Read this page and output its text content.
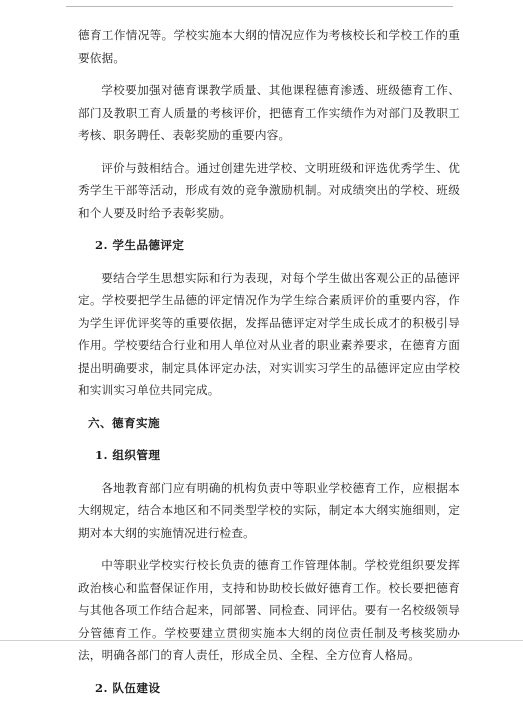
德育工作情况等。学校实施本大纲的情况应作为考核校长和学校工作的重要依据。

学校要加强对德育课教学质量、其他课程德育渗透、班级德育工作、部门及教职工育人质量的考核评价，把德育工作实绩作为对部门及教职工考核、职务聘任、表彰奖励的重要内容。

评价与鼓相结合。通过创建先进学校、文明班级和评选优秀学生、优秀学生干部等活动，形成有效的竞争激励机制。对成绩突出的学校、班级和个人要及时给予表彰奖励。

2. 学生品德评定

要结合学生思想实际和行为表现，对每个学生做出客观公正的品德评定。学校要把学生品德的评定情况作为学生综合素质评价的重要内容，作为学生评优评奖等的重要依据，发挥品德评定对学生成长成才的积极引导作用。学校要结合行业和用人单位对从业者的职业素养要求，在德育方面提出明确要求，制定具体评定办法，对实训实习学生的品德评定应由学校和实训实习单位共同完成。

六、德育实施
1. 组织管理

各地教育部门应有明确的机构负责中等职业学校德育工作，应根据本大纲规定，结合本地区和不同类型学校的实际，制定本大纲实施细则，定期对本大纲的实施情况进行检查。

中等职业学校实行校长负责的德育工作管理体制。学校党组织要发挥政治核心和监督保证作用，支持和协助校长做好德育工作。校长要把德育与其他各项工作结合起来，同部署、同检查、同评估。要有一名校级领导分管德育工作。学校要建立贯彻实施本大纲的岗位责任制及考核奖励办法，明确各部门的育人责任，形成全员、全程、全方位育人格局。

2. 队伍建设
